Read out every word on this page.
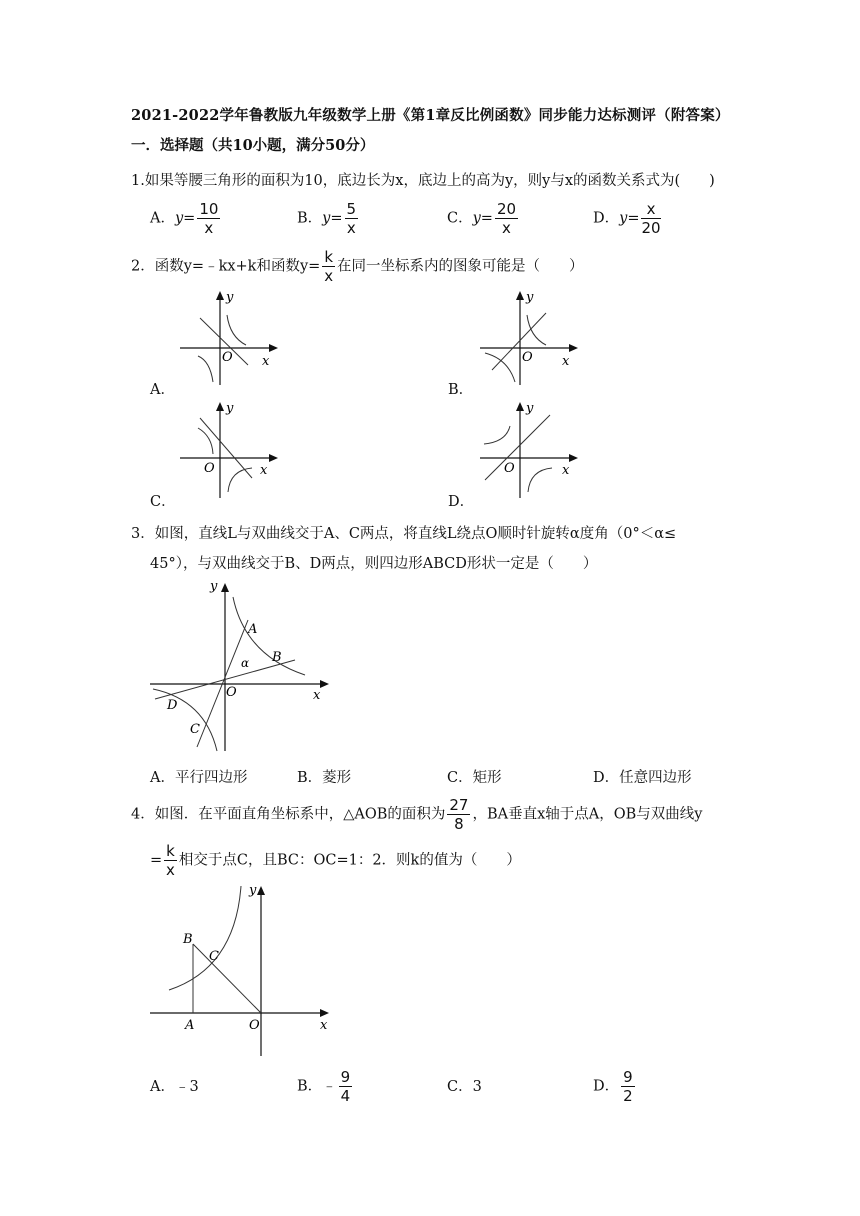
2021-2022学年鲁教版九年级数学上册《第1章反比例函数》同步能力达标测评（附答案）
一．选择题（共10小题，满分50分）
1.如果等腰三角形的面积为10，底边长为x，底边上的高为y，则y与x的函数关系式为(　　)
A．$y= \frac{10}{x}$	B．$y= \frac{5}{x}$	C．$y= \frac{20}{x}$	D．$y= \frac{x}{20}$
2．函数y=﹣kx+k和函数$y= \frac{k}{x}$ 在同一坐标系内的图象可能是（　　）
A．	B．
C．	D．
y
O x
y
O x
y
O	x
y
O	x
3．如图，直线L与双曲线交于A、C两点，将直线L绕点O顺时针旋转α度角（0°＜α≤
45°），与双曲线交于B、D两点，则四边形ABCD形状一定是（　　）
A
B
C
D
O
α
x
y
A．平行四边形	B．菱形	C．矩形	D．任意四边形
4．如图．在平面直角坐标系中，△AOB的面积为 $\frac{27}{8}$ ，BA垂直x轴于点A，OB与双曲线y
= $\frac{k}{x}$ 相交于点C，且BC：OC=1：2．则k的值为（　　）
B
C
A	O	x
y
A．﹣3	B．﹣ $\frac{9}{4}$	C．3	D． $\frac{9}{2}$
